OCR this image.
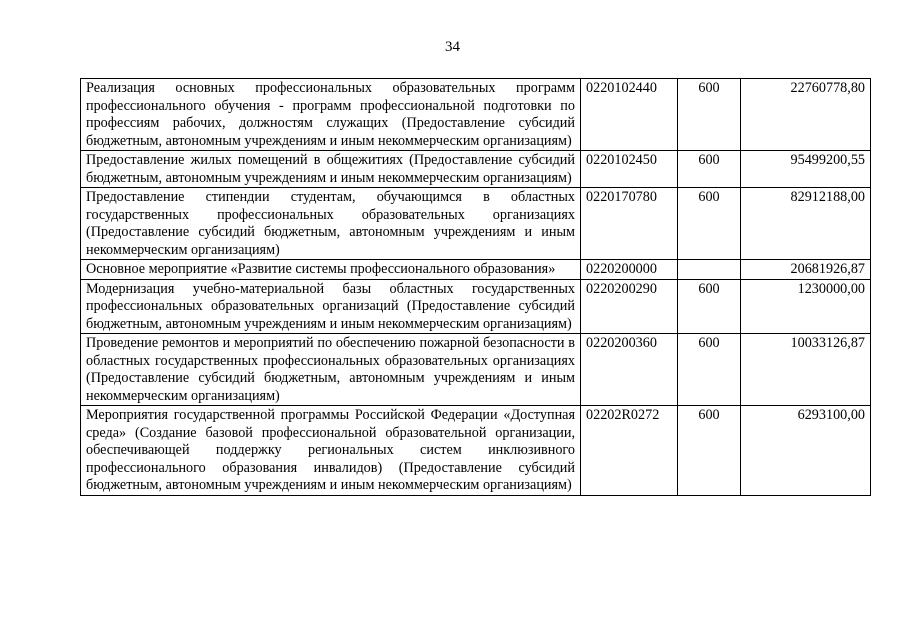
34
Реализация основных профессиональных образовательных программ профессионального обучения - программ профессиональной подготовки по профессиям рабочих, должностям служащих (Предоставление субсидий бюджетным, автономным учреждениям и иным некоммерческим организациям)	0220102440	600	22760778,80
Предоставление жилых помещений в общежитиях (Предоставление субсидий бюджетным, автономным учреждениям и иным некоммерческим организациям)	0220102450	600	95499200,55
Предоставление стипендии студентам, обучающимся в областных государственных профессиональных образовательных организациях (Предоставление субсидий бюджетным, автономным учреждениям и иным некоммерческим организациям)	0220170780	600	82912188,00
Основное мероприятие «Развитие системы профессионального образования»	0220200000		20681926,87
Модернизация учебно-материальной базы областных государственных профессиональных образовательных организаций (Предоставление субсидий бюджетным, автономным учреждениям и иным некоммерческим организациям)	0220200290	600	1230000,00
Проведение ремонтов и мероприятий по обеспечению пожарной безопасности в областных государственных профессиональных образовательных организациях (Предоставление субсидий бюджетным, автономным учреждениям и иным некоммерческим организациям)	0220200360	600	10033126,87
Мероприятия государственной программы Российской Федерации «Доступная среда» (Создание базовой профессиональной образовательной организации, обеспечивающей поддержку региональных систем инклюзивного профессионального образования инвалидов) (Предоставление субсидий бюджетным, автономным учреждениям и иным некоммерческим организациям)	02202R0272	600	6293100,00
